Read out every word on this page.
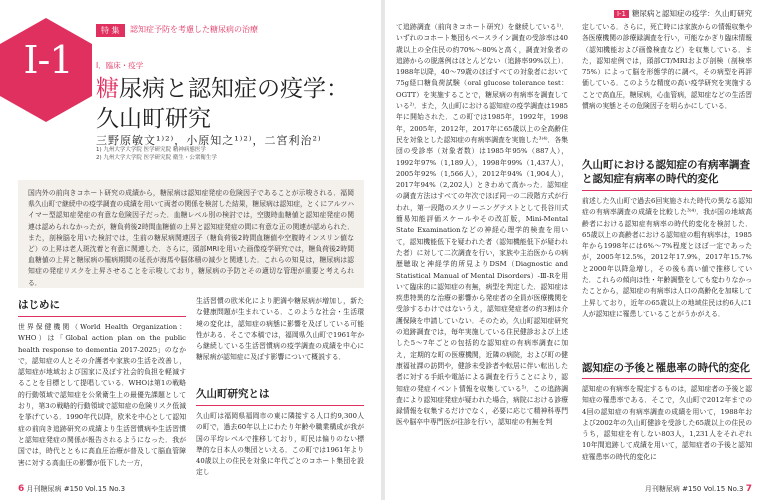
I-1
特 集	認知症予防を考慮した糖尿病の治療
Ⅰ．臨床・疫学
糖尿病と認知症の疫学：
久山町研究
三野原敏文¹⁾²⁾，小原知之¹⁾²⁾，二宮利治²⁾
1) 九州大学大学院 医学研究院 精神病態医学
2) 九州大学大学院 医学研究院 衛生・公衆衛生学
国内外の前向きコホート研究の成績から，糖尿病は認知症発症の危険因子であることが示唆される．福岡県久山町で継続中の疫学調査の成績を用いて両者の関係を検討した結果，糖尿病は認知症，とくにアルツハイマー型認知症発症の有意な危険因子だった．血糖レベル別の検討では，空腹時血糖値と認知症発症の関連は認められなかったが，糖負荷後2時間血糖値の上昇と認知症発症の間に有意な正の関連が認められた．また，剖検脳を用いた検討では，生前の糖尿病関連因子（糖負荷後2時間血糖値や空腹時インスリン値など）の上昇は老人斑沈着と有意に関連した．さらに，頭部MRIを用いた画像疫学研究では，糖負荷後2時間血糖値の上昇と糖尿病の罹病期間の延長が海馬や脳体積の減少と関連した．これらの知見は，糖尿病は認知症の発症リスクを上昇させることを示唆しており，糖尿病の予防とその適切な管理が重要と考えられる．
はじめに
世界保健機関（World Health Organization：WHO）は「Global action plan on the public health response to dementia 2017-2025」のなかで，認知症の人とその介護者や家族の生活を改善し，認知症が地域および国家に及ぼす社会的負担を軽減することを目標として提唱している．WHOは第1の戦略的行動領域で認知症を公衆衛生上の最優先課題としており，第3の戦略的行動領域で認知症の危険リスク低減を挙げている．1990年代以降，欧米を中心として認知症の前向き追跡研究の成績より生活習慣病や生活習慣と認知症発症の関係が報告されるようになった．我が国では，時代とともに高血圧治療が普及して脳血管障害に対する高血圧の影響が低下した一方，
生活習慣の欧米化により肥満や糖尿病が増加し，新たな健康問題が生まれている．このような社会・生活環境の変化は，認知症の病態に影響を及ぼしている可能性がある．そこで本稿では，福岡県久山町で1961年から継続している生活習慣病の疫学調査の成績を中心に糖尿病が認知症に及ぼす影響について概説する．
久山町研究とは
久山町は福岡県福岡市の東に隣接する人口約9,300人の町で，過去60年以上にわたり年齢や職業構成が我が国の平均レベルで推移しており，町民は偏りのない標準的な日本人の集団といえる．この町では1961年より40歳以上の住民を対象に年代ごとのコホート集団を設定し
6 月刊糖尿病 #150 Vol.15 No.3
I-1 糖尿病と認知症の疫学：久山町研究
て追跡調査（前向きコホート研究）を継続している¹⁾．いずれのコホート集団もベースライン調査の受診率は40歳以上の全住民の約70%〜80%と高く，調査対象者の追跡からの脱落例はほとんどない（追跡率99%以上）．1988年以降，40〜79歳のほぼすべての対象者において75g経口糖負荷試験（oral glucose tolerance test：OGTT）を実施することで，糖尿病の有病率を調査している²⁾．また，久山町における認知症の疫学調査は1985年に開始された．この町では1985年，1992年，1998年，2005年，2012年，2017年に65歳以上の全高齢住民を対象とした認知症の有病率調査を実施した³⁾⁴⁾．各集団の受診率（対象者数）は1985年95%（887人），1992年97%（1,189人），1998年99%（1,437人），2005年92%（1,566人），2012年94%（1,904人），2017年94%（2,202人）ときわめて高かった．認知症の調査方法はすべての年次でほぼ同一の二段階方式が行われ，第一段階のスクリーニングテストとして長谷川式簡易知能評価スケールやその改訂版，Mini-Mental State Examinationなどの神経心理学的検査を用いて，認知機能低下を疑われた者（認知機能低下が疑われた者）に対して二次調査を行い，家族や主治医からの病歴聴取と神経学的所見よりDSM（Diagnostic and Statistical Manual of Mental Disorders）-Ⅲ-Rを用いて臨床的に認知症の有無，病型を判定した．認知症は疾患特異的な治療の影響から発症者の全員が医療機関を受診するわけではないうえ，認知症発症者の約3割は介護保険を申請していない．そのため，久山町認知症研究の追跡調査では，毎年実施している住民健診および上述した5〜7年ごとの包括的な認知症の有病率調査に加え，定期的な町の医療機関，近隣の病院，および町の健康福祉課の訪問や，健診未受診者や転居に伴い転出した者に対する手紙や電話による調査を行うことにより，認知症の発症イベント情報を収集している⁵⁾．この追跡調査により認知症発症が疑われた場合，病院における診療録情報を収集するだけでなく，必要に応じて精神科専門医や脳卒中専門医が往診を行い，認知症の有無を判
定している．さらに，死亡時には家族からの情報収集や各医療機関の診療録調査を行い，可能なかぎり臨床情報（認知機能および画像検査など）を収集している．また，認知症例では，頭部CT/MRIおよび剖検（剖検率75%）によって脳を形態学的に調べ，その病型を再評価している．このような精度の高い疫学研究を実施することで高血圧，糖尿病，心血管病，認知症などの生活習慣病の実態とその危険因子を明らかにしている．
久山町における認知症の有病率調査と認知症有病率の時代的変化
前述した久山町で過去6回実施された時代の異なる認知症の有病率調査の成績を比較した³⁾⁴⁾．我が国の地域高齢者における認知症有病率の時代的変化を検討した．65歳以上の高齢者における認知症の粗有病率は，1985年から1998年には6%〜7%程度とほぼ一定であったが，2005年12.5%，2012年17.9%，2017年15.7%と2000年以降急増し，その後も高い値で推移していた．これらの傾向は性・年齢調整をしても変わりなかったことから，認知症の有病率は人口の高齢化を加味して上昇しており，近年の65歳以上の地域住民は約6人に1人が認知症に罹患していることがうかがえる．
認知症の予後と罹患率の時代的変化
認知症の有病率を規定するものは，認知症者の予後と認知症の罹患率である．そこで，久山町で2012年までの4回の認知症の有病率調査の成績を用いて，1988年および2002年の久山町健診を受診した65歳以上の住民のうち，認知症を有しない803人，1,231人をそれぞれ10年間追跡して成績を用いて，認知症者の予後と認知症罹患率の時代的変化に
月刊糖尿病 #150 Vol.15 No.3 7
